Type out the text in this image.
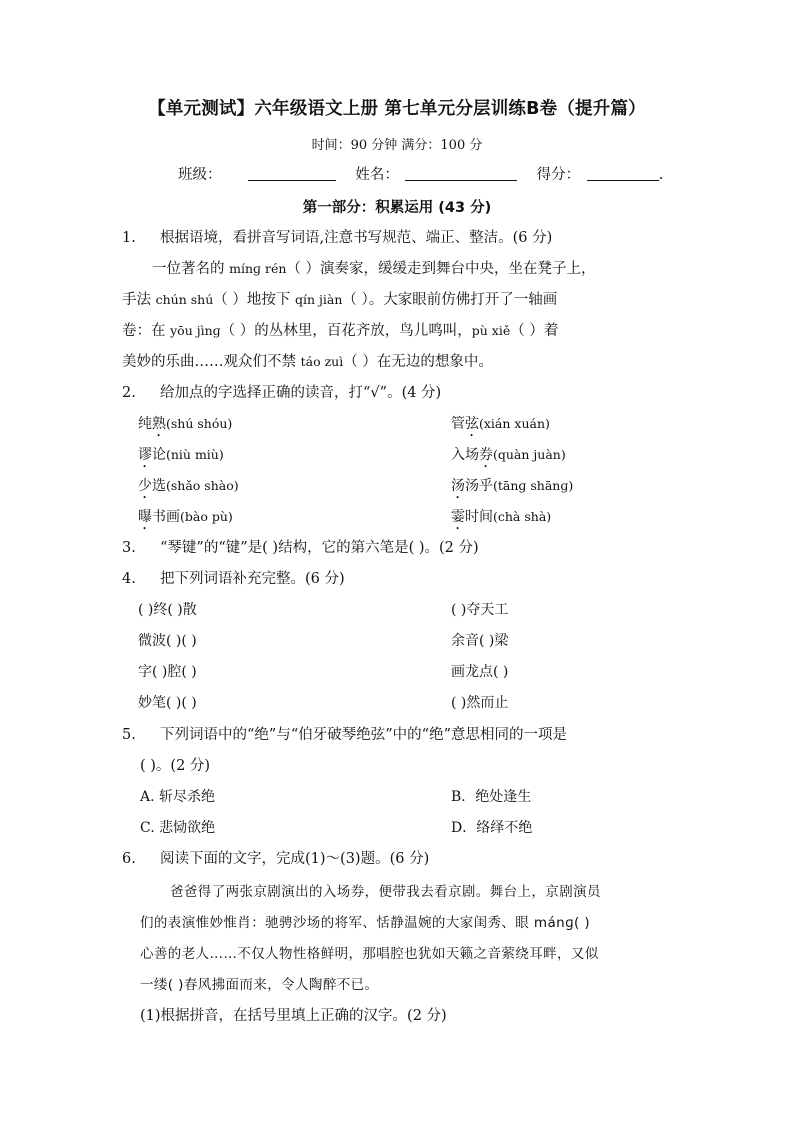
【单元测试】六年级语文上册 第七单元分层训练B卷（提升篇）
时间：90 分钟 满分：100 分
班级：	姓名：	得分：	.
第一部分：积累运用 (43 分)
1. 根据语境，看拼音写词语,注意书写规范、端正、整洁。(6 分)
一位著名的 mínɡ rén（ ）演奏家，缓缓走到舞台中央，坐在凳子上，
手法 chún shú（ ）地按下 qín jiàn（ ）。大家眼前仿佛打开了一轴画
卷：在 yōu jìnɡ（ ）的丛林里，百花齐放，鸟儿鸣叫，pù xiě（ ）着
美妙的乐曲……观众们不禁 táo zuì（ ）在无边的想象中。
2. 给加点的字选择正确的读音，打“√”。(4 分)
纯熟(shú shóu)	管弦(xián xuán)
谬论(niù miù)	入场券(quàn juàn)
少选(shǎo shào)	汤汤乎(tānɡ shānɡ)
曝书画(bào pù)	霎时间(chà shà)
3. “琴键”的“键”是( )结构，它的第六笔是( )。(2 分)
4. 把下列词语补充完整。(6 分)
( )终( )散	( )夺天工
微波( )( )	余音( )梁
字( )腔( )	画龙点( )
妙笔( )( )	( )然而止
5. 下列词语中的“绝”与“伯牙破琴绝弦”中的“绝”意思相同的一项是
( )。(2 分)
A. 斩尽杀绝	B．绝处逢生
C. 悲恸欲绝	D．络绎不绝
6. 阅读下面的文字，完成(1)～(3)题。(6 分)
爸爸得了两张京剧演出的入场券，便带我去看京剧。舞台上，京剧演员
们的表演惟妙惟肖：驰骋沙场的将军、恬静温婉的大家闺秀、眼 mánɡ( )
心善的老人……不仅人物性格鲜明，那唱腔也犹如天籁之音萦绕耳畔，又似
一缕( )春风拂面而来，令人陶醉不已。
(1)根据拼音，在括号里填上正确的汉字。(2 分)
